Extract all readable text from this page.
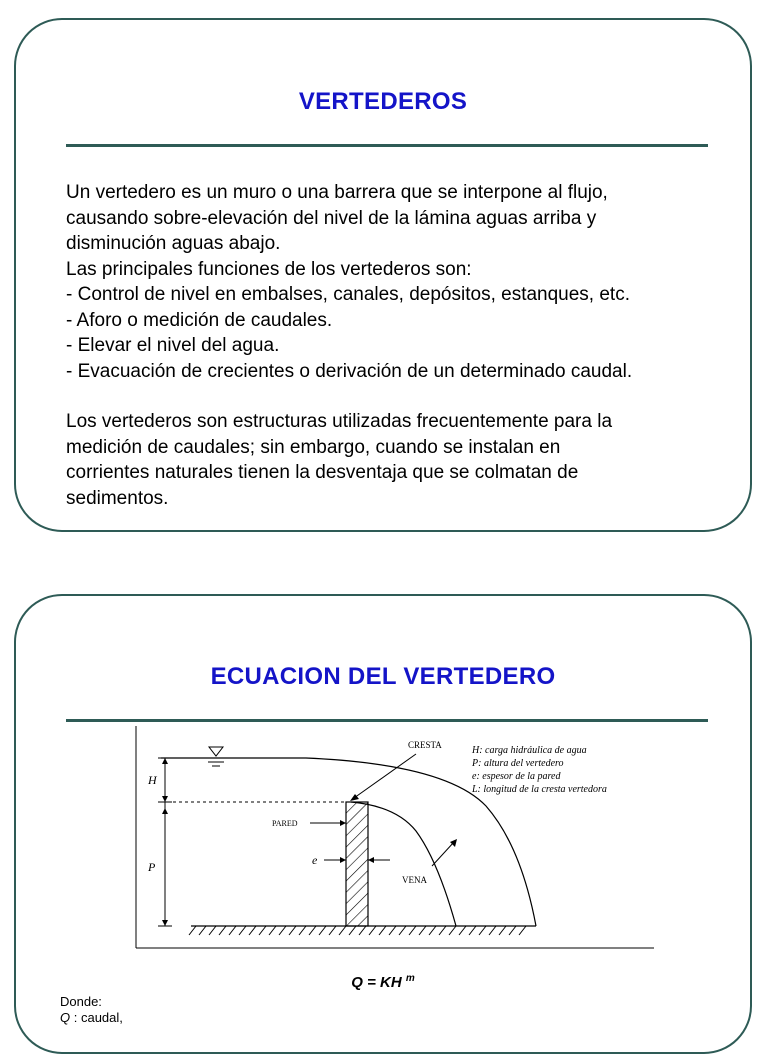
VERTEDEROS

Un vertedero es un muro o una barrera que se interpone al flujo,

causando sobre-elevación del nivel de la lámina aguas arriba y

disminución aguas abajo.

Las principales funciones de los vertederos son:

- Control de nivel en embalses, canales, depósitos, estanques, etc.

- Aforo o medición de caudales.

- Elevar el nivel del agua.

- Evacuación de crecientes o derivación de un determinado caudal.

Los vertederos son estructuras utilizadas frecuentemente para la

medición de caudales; sin embargo, cuando se instalan en

corrientes naturales tienen la desventaja que se colmatan de

sedimentos.

ECUACION DEL VERTEDERO
H
P	e
PARED
CRESTA
VENA
H: carga hidráulica de agua
P: altura del vertedero
e: espesor de la pared
L: longitud de la cresta vertedora
Q = KH $^m$
Donde:
Q : caudal,
